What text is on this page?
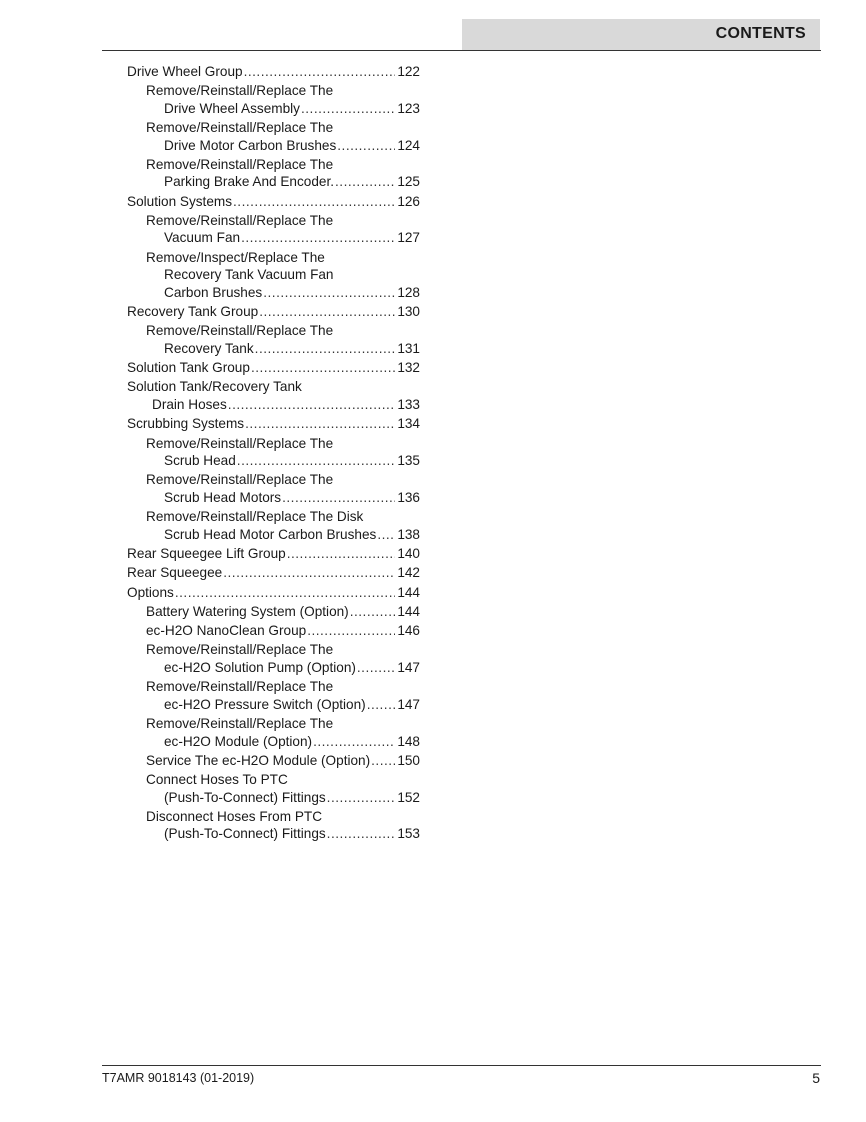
CONTENTS
Drive Wheel Group .....	122
Remove/Reinstall/Replace The
Drive Wheel Assembly .....	123
Remove/Reinstall/Replace The
Drive Motor Carbon Brushes .....	124
Remove/Reinstall/Replace The
Parking Brake And Encoder. .....	125
Solution Systems .....	126
Remove/Reinstall/Replace The
Vacuum Fan .....	127
Remove/Inspect/Replace The
Recovery Tank Vacuum Fan
Carbon Brushes .....	128
Recovery Tank Group .....	130
Remove/Reinstall/Replace The
Recovery Tank .....	131
Solution Tank Group .....	132
Solution Tank/Recovery Tank
Drain Hoses .....	133
Scrubbing Systems .....	134
Remove/Reinstall/Replace The
Scrub Head .....	135
Remove/Reinstall/Replace The
Scrub Head Motors .....	136
Remove/Reinstall/Replace The Disk
Scrub Head Motor Carbon Brushes ..... 138
Rear Squeegee Lift Group .....	140
Rear Squeegee .....	142
Options .....	144
Battery Watering System (Option) .....	144
ec-H2O NanoClean Group .....	146
Remove/Reinstall/Replace The
ec-H2O Solution Pump (Option) .....	147
Remove/Reinstall/Replace The
ec-H2O Pressure Switch (Option) ..... 147
Remove/Reinstall/Replace The
ec-H2O Module (Option) .....	148
Service The ec-H2O Module (Option) ..... 150
Connect Hoses To PTC
(Push-To-Connect) Fittings .....	152
Disconnect Hoses From PTC
(Push-To-Connect) Fittings .....	153
T7AMR 9018143 (01-2019)	5
